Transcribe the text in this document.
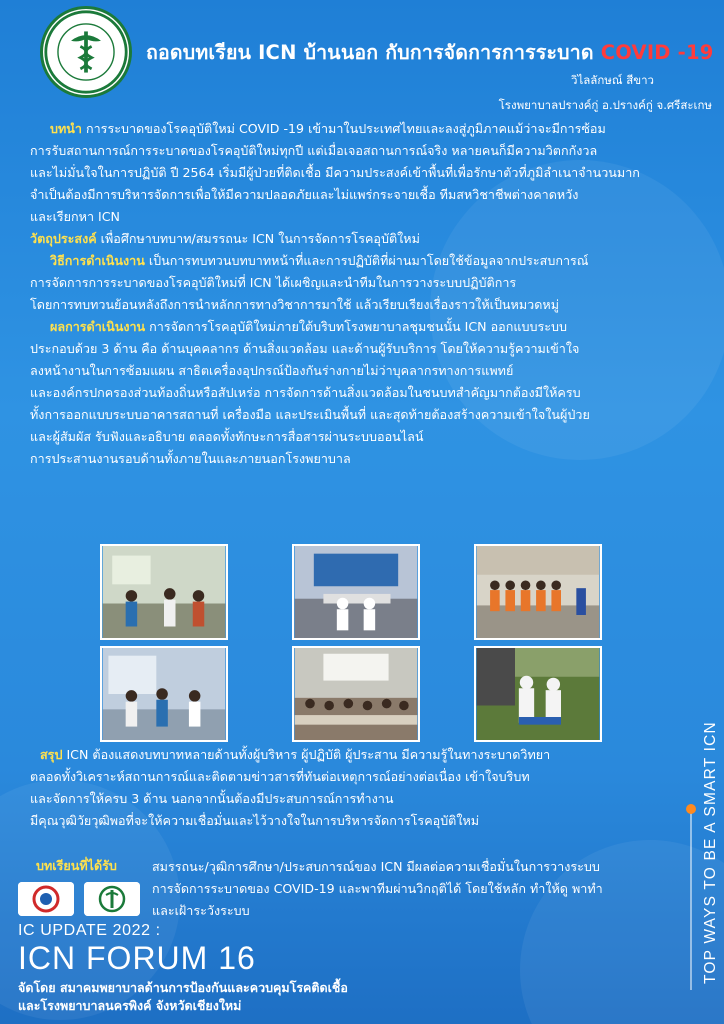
ถอดบทเรียน ICN บ้านนอก กับการจัดการการระบาด COVID -19
วิไลลักษณ์ สีขาว
โรงพยาบาลปรางค์กู่ อ.ปรางค์กู่ จ.ศรีสะเกษ

บทนำ การระบาดของโรคอุบัติใหม่ COVID -19 เข้ามาในประเทศไทยและลงสู่ภูมิภาคแม้ว่าจะมีการซ้อม

การรับสถานการณ์การระบาดของโรคอุบัติใหม่ทุกปี แต่เมื่อเจอสถานการณ์จริง หลายคนก็มีความวิตกกังวล

และไม่มั่นใจในการปฏิบัติ ปี 2564 เริ่มมีผู้ป่วยที่ติดเชื้อ มีความประสงค์เข้าพื้นที่เพื่อรักษาตัวที่ภูมิลำเนาจำนวนมาก

จำเป็นต้องมีการบริหารจัดการเพื่อให้มีความปลอดภัยและไม่แพร่กระจายเชื้อ ทีมสหวิชาชีพต่างคาดหวัง

และเรียกหา ICN

วัตถุประสงค์ เพื่อศึกษาบทบาท/สมรรถนะ ICN ในการจัดการโรคอุบัติใหม่

วิธีการดำเนินงาน เป็นการทบทวนบทบาทหน้าที่และการปฏิบัติที่ผ่านมาโดยใช้ข้อมูลจากประสบการณ์

การจัดการการระบาดของโรคอุบัติใหม่ที่ ICN ได้เผชิญและนำทีมในการวางระบบปฏิบัติการ

โดยการทบทวนย้อนหลังถึงการนำหลักการทางวิชาการมาใช้ แล้วเรียบเรียงเรื่องราวให้เป็นหมวดหมู่

ผลการดำเนินงาน การจัดการโรคอุบัติใหม่ภายใต้บริบทโรงพยาบาลชุมชนนั้น ICN ออกแบบระบบ

ประกอบด้วย 3 ด้าน คือ ด้านบุคคลากร ด้านสิ่งแวดล้อม และด้านผู้รับบริการ โดยให้ความรู้ความเข้าใจ

ลงหน้างานในการซ้อมแผน สาธิตเครื่องอุปกรณ์ป้องกันร่างกายไม่ว่าบุคลากรทางการแพทย์

และองค์กรปกครองส่วนท้องถิ่นหรือสัปเหร่อ การจัดการด้านสิ่งแวดล้อมในชนบทสำคัญมากต้องมีให้ครบ

ทั้งการออกแบบระบบอาคารสถานที่ เครื่องมือ และประเมินพื้นที่ และสุดท้ายต้องสร้างความเข้าใจในผู้ป่วย

และผู้สัมผัส รับฟังและอธิบาย ตลอดทั้งทักษะการสื่อสารผ่านระบบออนไลน์

การประสานงานรอบด้านทั้งภายในและภายนอกโรงพยาบาล

สรุป ICN ต้องแสดงบทบาทหลายด้านทั้งผู้บริหาร ผู้ปฏิบัติ ผู้ประสาน มีความรู้ในทางระบาดวิทยา

ตลอดทั้งวิเคราะห์สถานการณ์และติดตามข่าวสารที่ทันต่อเหตุการณ์อย่างต่อเนื่อง เข้าใจบริบท

และจัดการให้ครบ 3 ด้าน นอกจากนั้นต้องมีประสบการณ์การทำงาน

มีคุณวุฒิวัยวุฒิพอที่จะให้ความเชื่อมั่นและไว้วางใจในการบริหารจัดการโรคอุบัติใหม่

บทเรียนที่ได้รับ	สมรรถนะ/วุฒิการศึกษา/ประสบการณ์ของ ICN มีผลต่อความเชื่อมั่นในการวางระบบ

การจัดการระบาดของ COVID-19 และพาทีมผ่านวิกฤติได้ โดยใช้หลัก ทำให้ดู พาทำ

และเฝ้าระวังระบบ	TOP WAYS TO BE A SMART ICN
IC UPDATE 2022 :
ICN FORUM 16
จัดโดย สมาคมพยาบาลด้านการป้องกันและควบคุมโรคติดเชื้อ
และโรงพยาบาลนครพิงค์ จังหวัดเชียงใหม่
